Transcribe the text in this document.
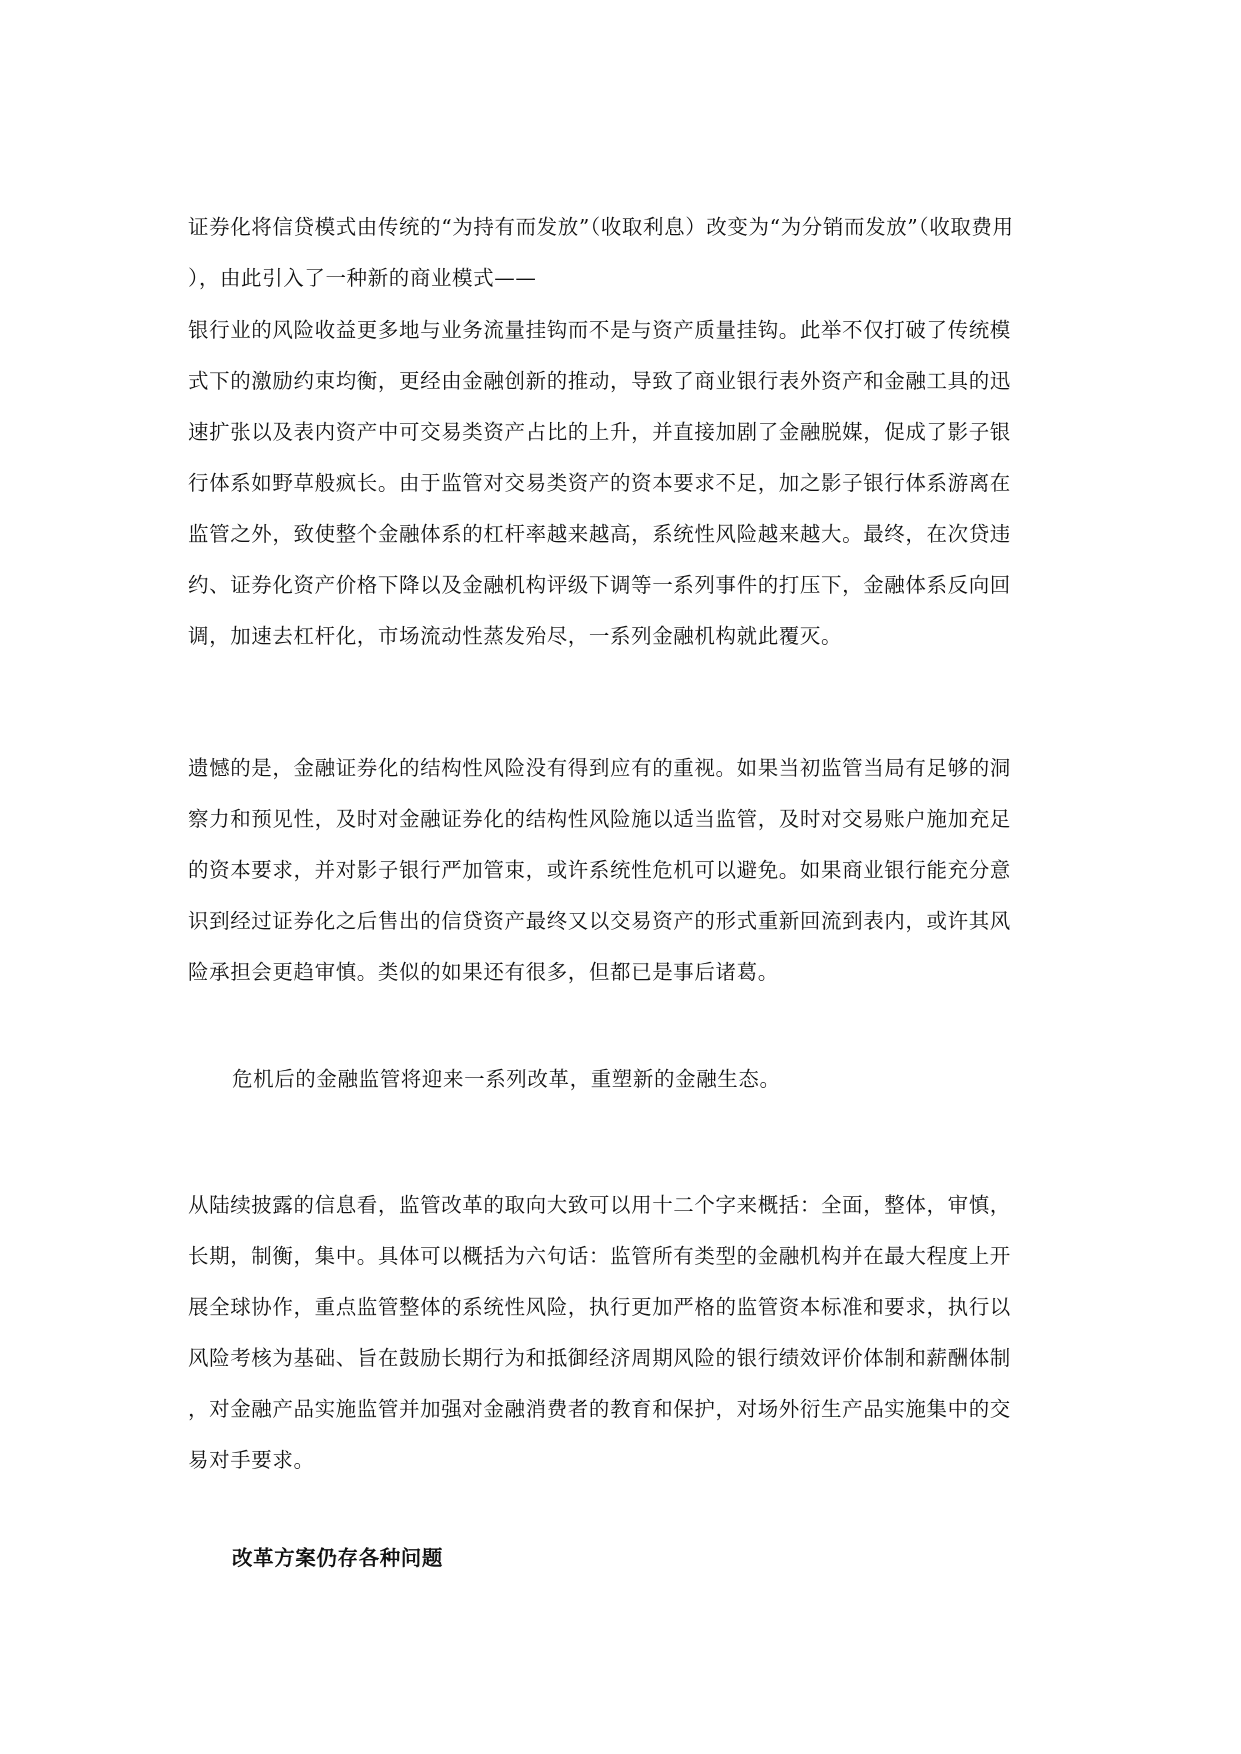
证券化将信贷模式由传统的“为持有而发放”（收取利息）改变为“为分销而发放”（收取费用
），由此引入了一种新的商业模式——
银行业的风险收益更多地与业务流量挂钩而不是与资产质量挂钩。此举不仅打破了传统模
式下的激励约束均衡，更经由金融创新的推动，导致了商业银行表外资产和金融工具的迅
速扩张以及表内资产中可交易类资产占比的上升，并直接加剧了金融脱媒，促成了影子银
行体系如野草般疯长。由于监管对交易类资产的资本要求不足，加之影子银行体系游离在
监管之外，致使整个金融体系的杠杆率越来越高，系统性风险越来越大。最终，在次贷违
约、证券化资产价格下降以及金融机构评级下调等一系列事件的打压下，金融体系反向回
调，加速去杠杆化，市场流动性蒸发殆尽，一系列金融机构就此覆灭。
遗憾的是，金融证券化的结构性风险没有得到应有的重视。如果当初监管当局有足够的洞
察力和预见性，及时对金融证券化的结构性风险施以适当监管，及时对交易账户施加充足
的资本要求，并对影子银行严加管束，或许系统性危机可以避免。如果商业银行能充分意
识到经过证券化之后售出的信贷资产最终又以交易资产的形式重新回流到表内，或许其风
险承担会更趋审慎。类似的如果还有很多，但都已是事后诸葛。
危机后的金融监管将迎来一系列改革，重塑新的金融生态。
从陆续披露的信息看，监管改革的取向大致可以用十二个字来概括：全面，整体，审慎，
长期，制衡，集中。具体可以概括为六句话：监管所有类型的金融机构并在最大程度上开
展全球协作，重点监管整体的系统性风险，执行更加严格的监管资本标准和要求，执行以
风险考核为基础、旨在鼓励长期行为和抵御经济周期风险的银行绩效评价体制和薪酬体制
，对金融产品实施监管并加强对金融消费者的教育和保护，对场外衍生产品实施集中的交
易对手要求。
改革方案仍存各种问题
